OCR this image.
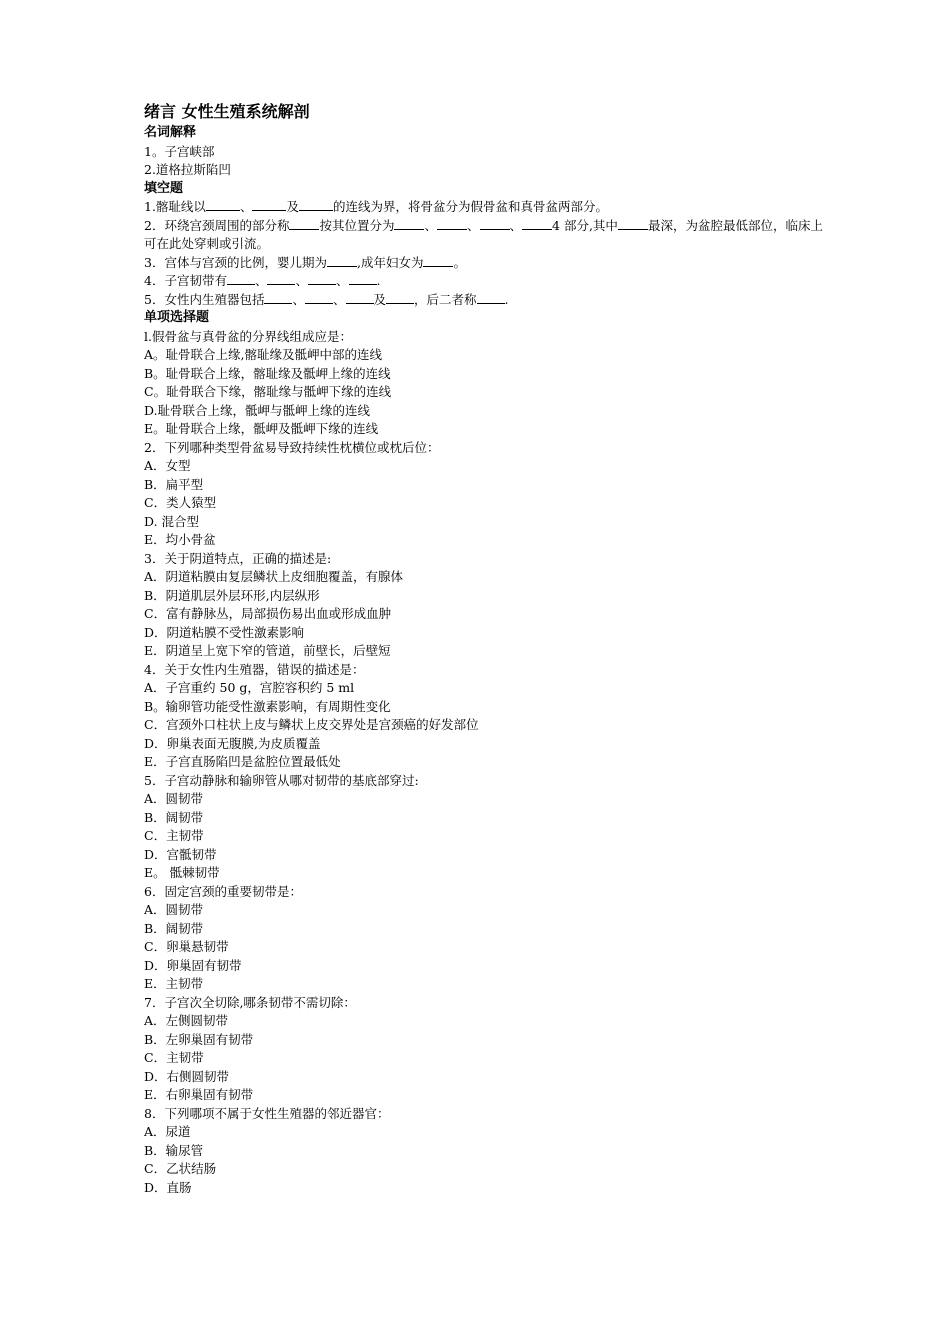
绪言 女性生殖系统解剖
名词解释
1。子宫峡部
2.道格拉斯陷凹
填空题
1.髂耻线以	、	及	的连线为界，将骨盆分为假骨盆和真骨盆两部分。
2．环绕宫颈周围的部分称 按其位置分为 、 、 、 4 部分,其中 最深，为盆腔最低部位，临床上可在此处穿刺或引流。
3．宫体与宫颈的比例，婴儿期为 ,成年妇女为 。
4．子宫韧带有 、 、 、 .
5．女性内生殖器包括 、 、 及 ，后二者称 .
单项选择题
l.假骨盆与真骨盆的分界线组成应是：
A。耻骨联合上缘,髂耻缘及骶岬中部的连线
B。耻骨联合上缘，髂耻缘及骶岬上缘的连线
C。耻骨联合下缘，髂耻缘与骶岬下缘的连线
D.耻骨联合上缘，骶岬与骶岬上缘的连线
E。耻骨联合上缘，骶岬及骶岬下缘的连线
2．下列哪种类型骨盆易导致持续性枕横位或枕后位：
A．女型
B．扁平型
C．类人猿型
D. 混合型
E．均小骨盆
3．关于阴道特点，正确的描述是:
A．阴道粘膜由复层鳞状上皮细胞覆盖，有腺体
B．阴道肌层外层环形,内层纵形
C．富有静脉丛，局部损伤易出血或形成血肿
D．阴道粘膜不受性激素影响
E．阴道呈上宽下窄的管道，前壁长，后壁短
4．关于女性内生殖器，错误的描述是：
A．子宫重约 50 g，宫腔容积约 5 ml
B。输卵管功能受性激素影响，有周期性变化
C．宫颈外口柱状上皮与鳞状上皮交界处是宫颈癌的好发部位
D．卵巢表面无腹膜,为皮质覆盖
E．子宫直肠陷凹是盆腔位置最低处
5．子宫动静脉和输卵管从哪对韧带的基底部穿过:
A．圆韧带
B．阔韧带
C．主韧带
D．宫骶韧带
E。 骶棘韧带
6．固定宫颈的重要韧带是：
A．圆韧带
B．阔韧带
C．卵巢悬韧带
D．卵巢固有韧带
E．主韧带
7．子宫次全切除,哪条韧带不需切除：
A．左侧圆韧带
B．左卵巢固有韧带
C．主韧带
D．右侧圆韧带
E．右卵巢固有韧带
8．下列哪项不属于女性生殖器的邻近器官：
A．尿道
B．输尿管
C．乙状结肠
D．直肠
